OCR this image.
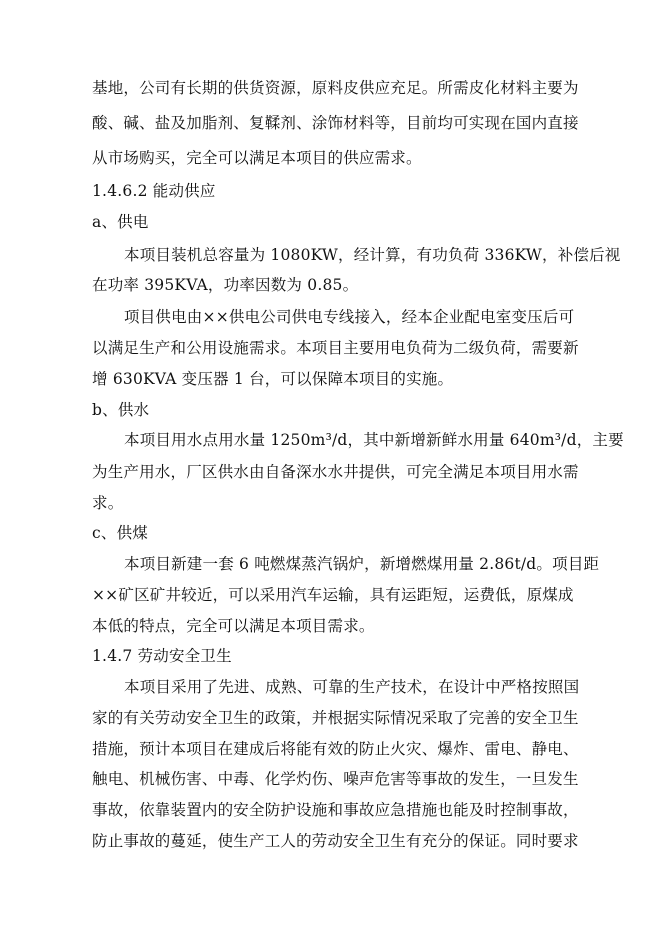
基地，公司有长期的供货资源，原料皮供应充足。所需皮化材料主要为
酸、碱、盐及加脂剂、复鞣剂、涂饰材料等，目前均可实现在国内直接
从市场购买，完全可以满足本项目的供应需求。
1.4.6.2 能动供应
a、供电
本项目装机总容量为 1080KW，经计算，有功负荷 336KW，补偿后视
在功率 395KVA，功率因数为 0.85。
项目供电由××供电公司供电专线接入，经本企业配电室变压后可
以满足生产和公用设施需求。本项目主要用电负荷为二级负荷，需要新
增 630KVA 变压器 1 台，可以保障本项目的实施。
b、供水
本项目用水点用水量 1250m³/d，其中新增新鲜水用量 640m³/d，主要
为生产用水，厂区供水由自备深水水井提供，可完全满足本项目用水需
求。
c、供煤
本项目新建一套 6 吨燃煤蒸汽锅炉，新增燃煤用量 2.86t/d。项目距
××矿区矿井较近，可以采用汽车运输，具有运距短，运费低，原煤成
本低的特点，完全可以满足本项目需求。
1.4.7 劳动安全卫生
本项目采用了先进、成熟、可靠的生产技术，在设计中严格按照国
家的有关劳动安全卫生的政策，并根据实际情况采取了完善的安全卫生
措施，预计本项目在建成后将能有效的防止火灾、爆炸、雷电、静电、
触电、机械伤害、中毒、化学灼伤、噪声危害等事故的发生，一旦发生
事故，依靠装置内的安全防护设施和事故应急措施也能及时控制事故，
防止事故的蔓延，使生产工人的劳动安全卫生有充分的保证。同时要求
